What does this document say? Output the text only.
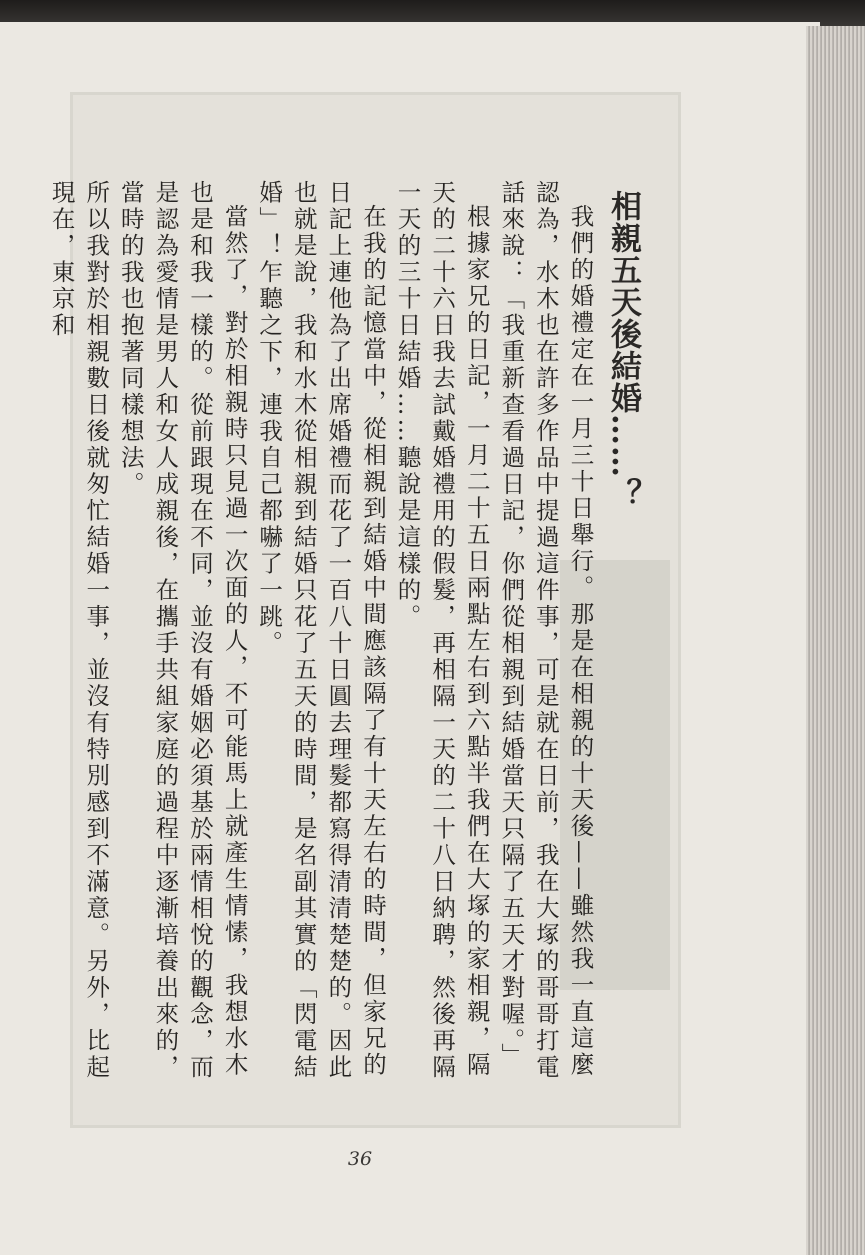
相親五天後結婚……？

我們的婚禮定在一月三十日舉行。那是在相親的十天後——雖然我一直這麼認為，水木也在許多作品中提過這件事，可是就在日前，我在大塚的哥哥打電話來說：「我重新查看過日記，你們從相親到結婚當天只隔了五天才對喔。」

根據家兄的日記，一月二十五日兩點左右到六點半我們在大塚的家相親，隔天的二十六日我去試戴婚禮用的假髮，再相隔一天的二十八日納聘，然後再隔一天的三十日結婚……聽說是這樣的。

在我的記憶當中，從相親到結婚中間應該隔了有十天左右的時間，但家兄的日記上連他為了出席婚禮而花了一百八十日圓去理髮都寫得清清楚楚的。因此也就是說，我和水木從相親到結婚只花了五天的時間，是名副其實的「閃電結婚」！乍聽之下，連我自己都嚇了一跳。

當然了，對於相親時只見過一次面的人，不可能馬上就產生情愫，我想水木也是和我一樣的。從前跟現在不同，並沒有婚姻必須基於兩情相悅的觀念，而是認為愛情是男人和女人成親後，在攜手共組家庭的過程中逐漸培養出來的，當時的我也抱著同樣想法。

所以我對於相親數日後就匆忙結婚一事，並沒有特別感到不滿意。另外，比起現在，東京和

36
